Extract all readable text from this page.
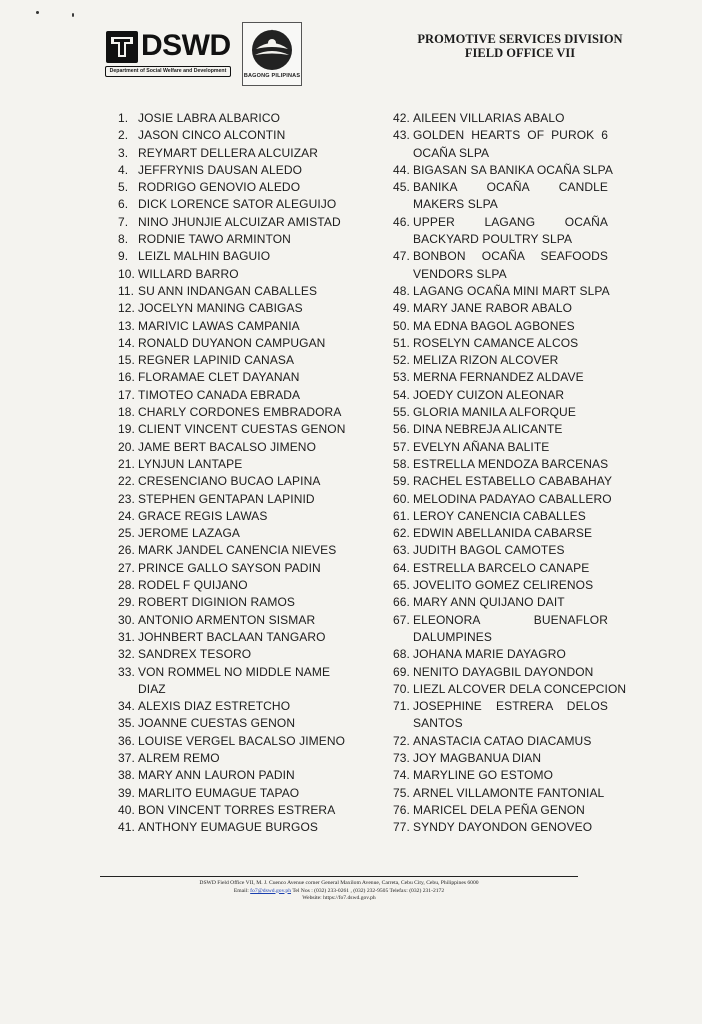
DSWD
Department of Social Welfare and Development
BAGONG PILIPINAS
PROMOTIVE SERVICES DIVISION
FIELD OFFICE VII
1. JOSIE LABRA ALBARICO
2. JASON CINCO ALCONTIN
3. REYMART DELLERA ALCUIZAR
4. JEFFRYNIS DAUSAN ALEDO
5. RODRIGO GENOVIO ALEDO
6. DICK LORENCE SATOR ALEGUIJO
7. NINO JHUNJIE ALCUIZAR AMISTAD
8. RODNIE TAWO ARMINTON
9. LEIZL MALHIN BAGUIO
10. WILLARD BARRO
11. SU ANN INDANGAN CABALLES
12. JOCELYN MANING CABIGAS
13. MARIVIC LAWAS CAMPANIA
14. RONALD DUYANON CAMPUGAN
15. REGNER LAPINID CANASA
16. FLORAMAE CLET DAYANAN
17. TIMOTEO CANADA EBRADA
18. CHARLY CORDONES EMBRADORA
19. CLIENT VINCENT CUESTAS GENON
20. JAME BERT BACALSO JIMENO
21. LYNJUN LANTAPE
22. CRESENCIANO BUCAO LAPINA
23. STEPHEN GENTAPAN LAPINID
24. GRACE REGIS LAWAS
25. JEROME LAZAGA
26. MARK JANDEL CANENCIA NIEVES
27. PRINCE GALLO SAYSON PADIN
28. RODEL F QUIJANO
29. ROBERT DIGINION RAMOS
30. ANTONIO ARMENTON SISMAR
31. JOHNBERT BACLAAN TANGARO
32. SANDREX TESORO
33. VON ROMMEL NO MIDDLE NAME DIAZ
34. ALEXIS DIAZ ESTRETCHO
35. JOANNE CUESTAS GENON
36. LOUISE VERGEL BACALSO JIMENO
37. ALREM REMO
38. MARY ANN LAURON PADIN
39. MARLITO EUMAGUE TAPAO
40. BON VINCENT TORRES ESTRERA
41. ANTHONY EUMAGUE BURGOS
42. AILEEN VILLARIAS ABALO
43. GOLDEN HEARTS OF PUROK 6 OCAÑA SLPA
44. BIGASAN SA BANIKA OCAÑA SLPA
45. BANIKA OCAÑA CANDLE MAKERS SLPA
46. UPPER LAGANG OCAÑA BACKYARD POULTRY SLPA
47. BONBON OCAÑA SEAFOODS VENDORS SLPA
48. LAGANG OCAÑA MINI MART SLPA
49. MARY JANE RABOR ABALO
50. MA EDNA BAGOL AGBONES
51. ROSELYN CAMANCE ALCOS
52. MELIZA RIZON ALCOVER
53. MERNA FERNANDEZ ALDAVE
54. JOEDY CUIZON ALEONAR
55. GLORIA MANILA ALFORQUE
56. DINA NEBREJA ALICANTE
57. EVELYN AÑANA BALITE
58. ESTRELLA MENDOZA BARCENAS
59. RACHEL ESTABELLO CABABAHAY
60. MELODINA PADAYAO CABALLERO
61. LEROY CANENCIA CABALLES
62. EDWIN ABELLANIDA CABARSE
63. JUDITH BAGOL CAMOTES
64. ESTRELLA BARCELO CANAPE
65. JOVELITO GOMEZ CELIRENOS
66. MARY ANN QUIJANO DAIT
67. ELEONORA BUENAFLOR DALUMPINES
68. JOHANA MARIE DAYAGRO
69. NENITO DAYAGBIL DAYONDON
70. LIEZL ALCOVER DELA CONCEPCION
71. JOSEPHINE ESTRERA DELOS SANTOS
72. ANASTACIA CATAO DIACAMUS
73. JOY MAGBANUA DIAN
74. MARYLINE GO ESTOMO
75. ARNEL VILLAMONTE FANTONIAL
76. MARICEL DELA PEÑA GENON
77. SYNDY DAYONDON GENOVEO
DSWD Field Office VII, M. J. Cuenco Avenue corner General Maxilom Avenue, Carreta, Cebu City, Cebu, Philippines 6000
Email: fo7@dswd.gov.ph Tel Nos : (032) 233-0261 , (032) 232-9505 Telefax: (032) 231-2172
Website: https://fo7.dswd.gov.ph
